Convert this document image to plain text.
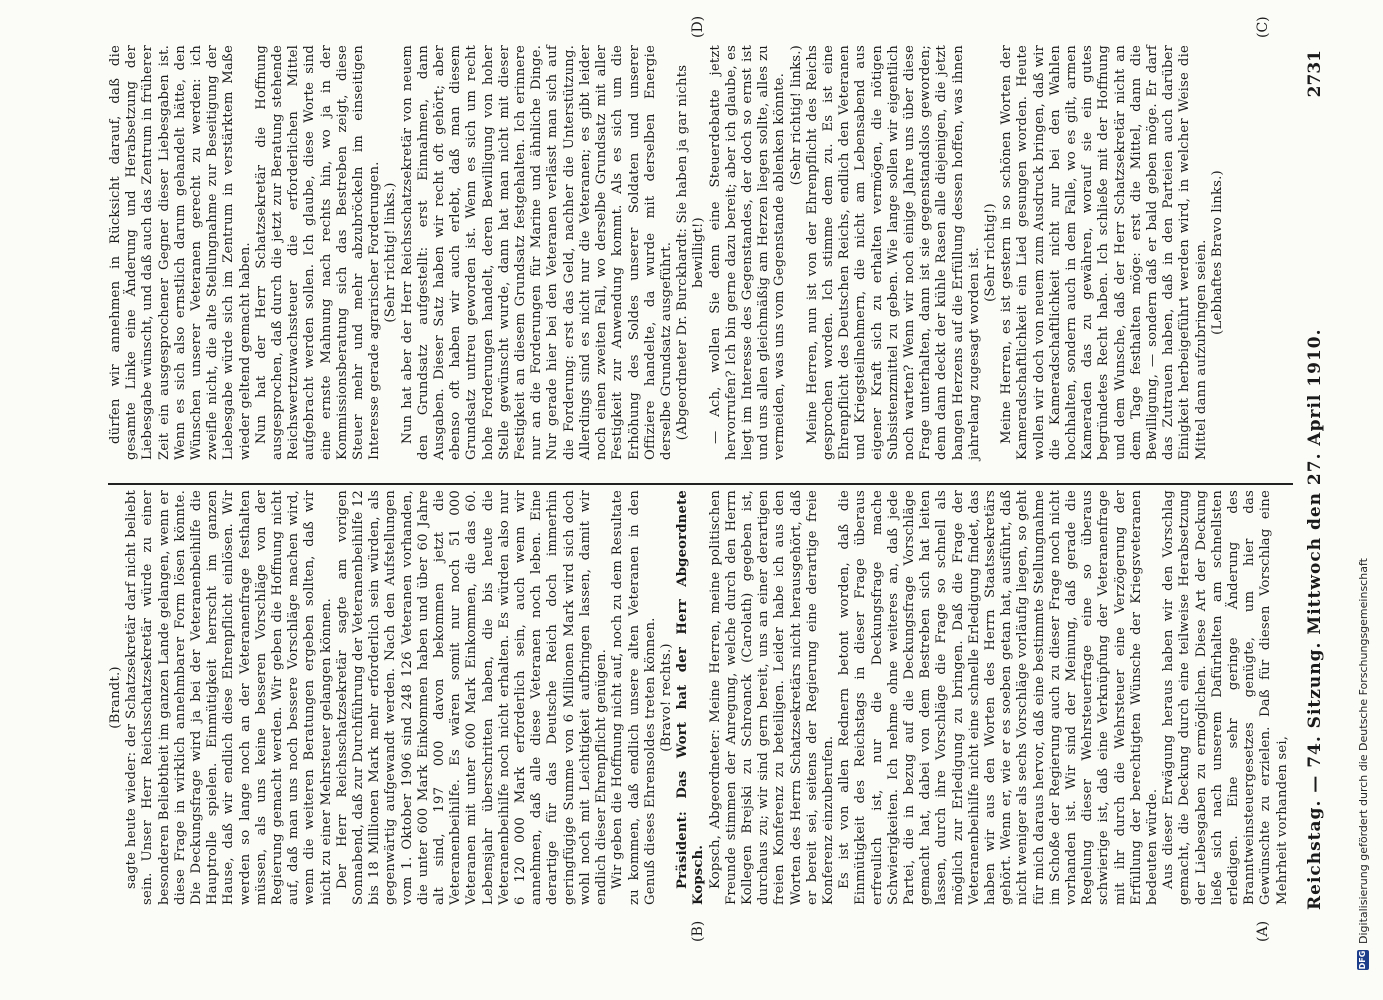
Reichstag. — 74. Sitzung. Mittwoch den 27. April 1910.
2731
(A)
(B)
(C)
(D)

(Brandt.) sagte heute wieder: der Schatzsekretär darf nicht beliebt sein. Unser Herr Reichsschatzsekretär würde zu einer besonderen Beliebtheit im ganzen Lande gelangen, wenn er diese Frage in wirklich annehmbarer Form lösen könnte. Die Deckungsfrage wird ja bei der Veteranenbeihilfe die Hauptrolle spielen. Einmütigkeit herrscht im ganzen Hause, daß wir endlich diese Ehrenpflicht einlösen. Wir werden so lange noch an der Veteranenfrage festhalten müssen, als uns keine besseren Vorschläge von der Regierung gemacht werden. Wir geben die Hoffnung nicht auf, daß man uns noch bessere Vorschläge machen wird, wenn die weiteren Beratungen ergeben sollten, daß wir nicht zu einer Mehrsteuer gelangen können. Der Herr Reichsschatzsekretär sagte am vorigen Sonnabend, daß zur Durchführung der Veteranenbeihilfe 12 bis 18 Millionen Mark mehr erforderlich sein würden, als gegenwärtig aufgewandt werden. Nach den Aufstellungen vom 1. Oktober 1906 sind 248 126 Veteranen vorhanden, die unter 600 Mark Einkommen haben und über 60 Jahre alt sind, 197 000 davon bekommen jetzt die Veteranenbeihilfe. Es wären somit nur noch 51 000 Veteranen mit unter 600 Mark Einkommen, die das 60. Lebensjahr überschritten haben, die bis heute die Veteranenbeihilfe noch nicht erhalten. Es würden also nur 6 120 000 Mark erforderlich sein, auch wenn wir annehmen, daß alle diese Veteranen noch leben. Eine derartige für das Deutsche Reich doch immerhin geringfügige Summe von 6 Millionen Mark wird sich doch wohl noch mit Leichtigkeit aufbringen lassen, damit wir endlich dieser Ehrenpflicht genügen. Wir geben die Hoffnung nicht auf, noch zu dem Resultate zu kommen, daß endlich unsere alten Veteranen in den Genuß dieses Ehrensoldes treten können. (Bravo! rechts.) Präsident: Das Wort hat der Herr Abgeordnete Kopsch. Kopsch, Abgeordneter: Meine Herren, meine politischen Freunde stimmen der Anregung, welche durch den Herrn Kollegen Brejski zu Schroanck (Carolath) gegeben ist, durchaus zu; wir sind gern bereit, uns an einer derartigen freien Konferenz zu beteiligen. Leider habe ich aus den Worten des Herrn Schatzsekretärs nicht herausgehört, daß er bereit sei, seitens der Regierung eine derartige freie Konferenz einzuberufen. Es ist von allen Rednern betont worden, daß die Einmütigkeit des Reichstags in dieser Frage überaus erfreulich ist, nur die Deckungsfrage mache Schwierigkeiten. Ich nehme ohne weiteres an, daß jede Partei, die in bezug auf die Deckungsfrage Vorschläge gemacht hat, dabei von dem Bestreben sich hat leiten lassen, durch ihre Vorschläge die Frage so schnell als möglich zur Erledigung zu bringen. Daß die Frage der Veteranenbeihilfe nicht eine schnelle Erledigung findet, das haben wir aus den Worten des Herrn Staatssekretärs gehört. Wenn er, wie er es soeben getan hat, ausführt, daß nicht weniger als sechs Vorschläge vorläufig liegen, so geht für mich daraus hervor, daß eine bestimmte Stellungnahme im Schoße der Regierung auch zu dieser Frage noch nicht vorhanden ist. Wir sind der Meinung, daß gerade die Regelung dieser Wehrsteuerfrage eine so überaus schwierige ist, daß eine Verknüpfung der Veteranenfrage mit ihr durch die Wehrsteuer eine Verzögerung der Erfüllung der berechtigten Wünsche der Kriegsveteranen bedeuten würde. Aus dieser Erwägung heraus haben wir den Vorschlag gemacht, die Deckung durch eine teilweise Herabsetzung der Liebesgaben zu ermöglichen. Diese Art der Deckung ließe sich nach unserem Dafürhalten am schnellsten erledigen. Eine sehr geringe Änderung des Branntweinsteuergesetzes genügte, um hier das Gewünschte zu erzielen. Daß für diesen Vorschlag eine Mehrheit vorhanden sei,

dürfen wir annehmen in Rücksicht darauf, daß die gesamte Linke eine Änderung und Herabsetzung der Liebesgabe wünscht, und daß auch das Zentrum in früherer Zeit ein ausgesprochener Gegner dieser Liebesgaben ist. Wenn es sich also ernstlich darum gehandelt hätte, den Wünschen unserer Veteranen gerecht zu werden: ich zweifle nicht, die alte Stellungnahme zur Beseitigung der Liebesgabe würde sich im Zentrum in verstärktem Maße wieder geltend gemacht haben. Nun hat der Herr Schatzsekretär die Hoffnung ausgesprochen, daß durch die jetzt zur Beratung stehende Reichswertzuwachssteuer die erforderlichen Mittel aufgebracht werden sollen. Ich glaube, diese Worte sind eine ernste Mahnung nach rechts hin, wo ja in der Kommissionsberatung sich das Bestreben zeigt, diese Steuer mehr und mehr abzubröckeln im einseitigen Interesse gerade agrarischer Forderungen. (Sehr richtig! links.) Nun hat aber der Herr Reichsschatzsekretär von neuem den Grundsatz aufgestellt: erst Einnahmen, dann Ausgaben. Dieser Satz haben wir recht oft gehört; aber ebenso oft haben wir auch erlebt, daß man diesem Grundsatz untreu geworden ist. Wenn es sich um recht hohe Forderungen handelt, deren Bewilligung von hoher Stelle gewünscht wurde, dann hat man nicht mit dieser Festigkeit an diesem Grundsatz festgehalten. Ich erinnere nur an die Forderungen für Marine und ähnliche Dinge. Nur gerade hier bei den Veteranen verlässt man sich auf die Forderung: erst das Geld, nachher die Unterstützung. Allerdings sind es nicht nur die Veteranen; es gibt leider noch einen zweiten Fall, wo derselbe Grundsatz mit aller Festigkeit zur Anwendung kommt. Als es sich um die Erhöhung des Soldes unserer Soldaten und unserer Offiziere handelte, da wurde mit derselben Energie derselbe Grundsatz ausgeführt. (Abgeordneter Dr. Burckhardt: Sie haben ja gar nichts bewilligt!) — Ach, wollen Sie denn eine Steuerdebatte jetzt hervorrufen? Ich bin gerne dazu bereit; aber ich glaube, es liegt im Interesse des Gegenstandes, der doch so ernst ist und uns allen gleichmäßig am Herzen liegen sollte, alles zu vermeiden, was uns vom Gegenstande ablenken könnte. (Sehr richtig! links.) Meine Herren, nun ist von der Ehrenpflicht des Reichs gesprochen worden. Ich stimme dem zu. Es ist eine Ehrenpflicht des Deutschen Reichs, endlich den Veteranen und Kriegsteilnehmern, die nicht am Lebensabend aus eigener Kraft sich zu erhalten vermögen, die nötigen Subsistenzmittel zu geben. Wie lange sollen wir eigentlich noch warten? Wenn wir noch einige Jahre uns über diese Frage unterhalten, dann ist sie gegenstandslos geworden; denn dann deckt der kühle Rasen alle diejenigen, die jetzt bangen Herzens auf die Erfüllung dessen hoffen, was ihnen jahrelang zugesagt worden ist. (Sehr richtig!) Meine Herren, es ist gestern in so schönen Worten der Kameradschaftlichkeit ein Lied gesungen worden. Heute wollen wir doch von neuem zum Ausdruck bringen, daß wir die Kameradschaftlichkeit nicht nur bei den Wahlen hochhalten, sondern auch in dem Falle, wo es gilt, armen Kameraden das zu gewähren, worauf sie ein gutes begründetes Recht haben. Ich schließe mit der Hoffnung und dem Wunsche, daß der Herr Schatzsekretär nicht an dem Tage festhalten möge: erst die Mittel, dann die Bewilligung, — sondern daß er bald geben möge. Er darf das Zutrauen haben, daß in den Parteien auch darüber Einigkeit herbeigeführt werden wird, in welcher Weise die Mittel dann aufzubringen seien. (Lebhaftes Bravo links.)

DFG
Digitalisierung gefördert durch die Deutsche Forschungsgemeinschaft
